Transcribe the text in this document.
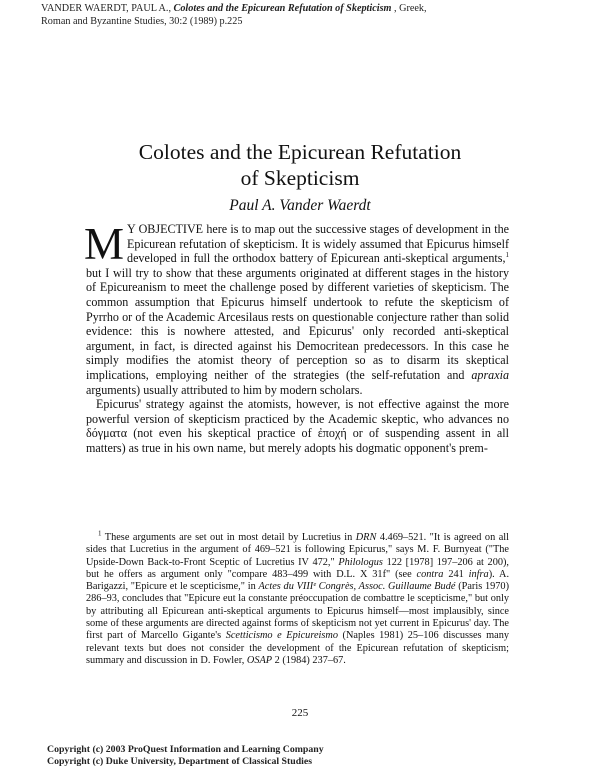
VANDER WAERDT, PAUL A., Colotes and the Epicurean Refutation of Skepticism , Greek,
Roman and Byzantine Studies, 30:2 (1989) p.225
Colotes and the Epicurean Refutation
of Skepticism
Paul A. Vander Waerdt

M Y OBJECTIVE here is to map out the successive stages of development in the Epicurean refutation of skepticism. It is widely assumed that Epicurus himself developed in full the orthodox battery of Epicurean anti-skeptical arguments,$^1$ but I will try to show that these arguments originated at different stages in the history of Epicureanism to meet the challenge posed by different varieties of skepticism. The common assumption that Epicurus himself undertook to refute the skepticism of Pyrrho or of the Academic Arcesilaus rests on questionable conjecture rather than solid evidence: this is nowhere attested, and Epicurus' only recorded anti-skeptical argument, in fact, is directed against his Democritean predecessors. In this case he simply modifies the atomist theory of perception so as to disarm its skeptical implications, employing neither of the strategies (the self-refutation and apraxia arguments) usually attributed to him by modern scholars.

Epicurus' strategy against the atomists, however, is not effective against the more powerful version of skepticism practiced by the Academic skeptic, who advances no δόγματα (not even his skeptical practice of ἐποχή or of suspending assent in all matters) as true in his own name, but merely adopts his dogmatic opponent's prem-

$^1$ These arguments are set out in most detail by Lucretius in DRN 4.469–521. "It is agreed on all sides that Lucretius in the argument of 469–521 is following Epicurus," says M. F. Burnyeat ("The Upside-Down Back-to-Front Sceptic of Lucretius IV 472," Philologus 122 [1978] 197–206 at 200), but he offers as argument only "compare 483–499 with D.L. X 31f" (see contra 241 infra). A. Barigazzi, "Epicure et le scepticisme," in Actes du VIIIᵉ Congrès, Assoc. Guillaume Budé (Paris 1970) 286–93, concludes that "Epicure eut la constante préoccupation de combattre le scepticisme," but only by attributing all Epicurean anti-skeptical arguments to Epicurus himself—most implausibly, since some of these arguments are directed against forms of skepticism not yet current in Epicurus' day. The first part of Marcello Gigante's Scetticismo e Epicureismo (Naples 1981) 25–106 discusses many relevant texts but does not consider the development of the Epicurean refutation of skepticism; summary and discussion in D. Fowler, OSAP 2 (1984) 237–67.

225
Copyright (c) 2003 ProQuest Information and Learning Company
Copyright (c) Duke University, Department of Classical Studies
